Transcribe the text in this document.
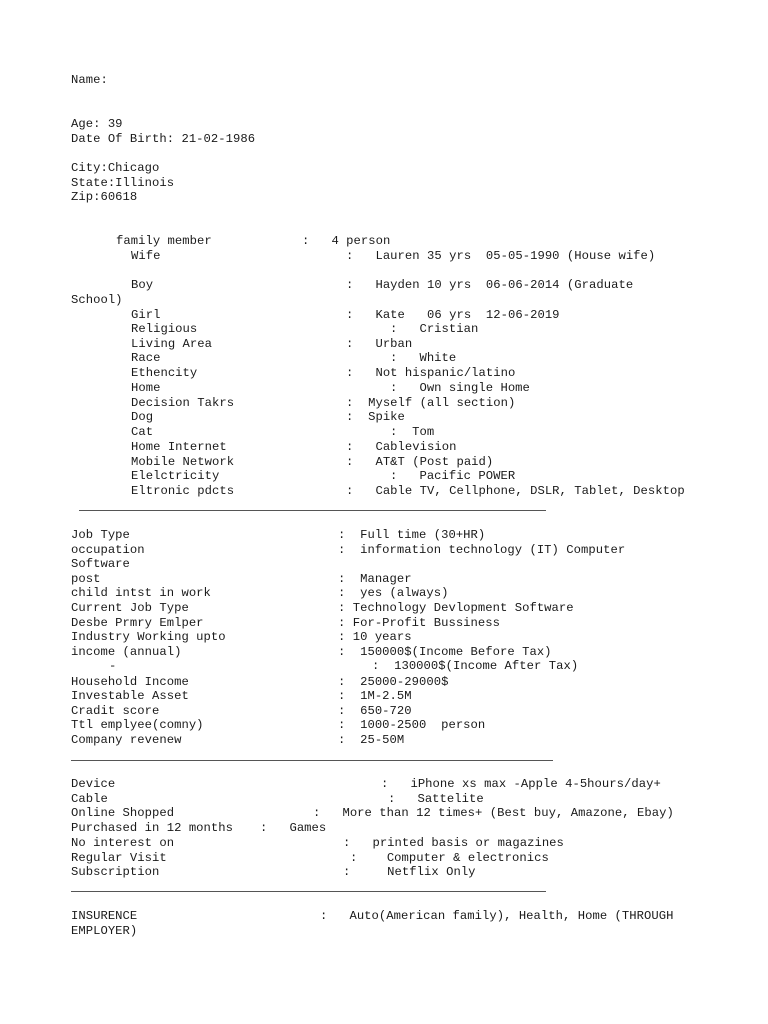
Name:
Age: 39
Date Of Birth: 21-02-1986
City:Chicago
State:Illinois
Zip:60618
family member	:   4 person
Wife	:   Lauren 35 yrs  05-05-1990 (House wife)
Boy	:   Hayden 10 yrs  06-06-2014 (Graduate
School)
Girl	:   Kate   06 yrs  12-06-2019
Religious	:   Cristian
Living Area	:   Urban
Race	:   White
Ethencity	:   Not hispanic/latino
Home	:   Own single Home
Decision Takrs	:  Myself (all section)
Dog	:  Spike
Cat	:  Tom
Home Internet	:   Cablevision
Mobile Network	:   AT&T (Post paid)
Elelctricity	:   Pacific POWER
Eltronic pdcts	:   Cable TV, Cellphone, DSLR, Tablet, Desktop
Job Type	:  Full time (30+HR)
occupation	:  information technology (IT) Computer
Software
post	:  Manager
child intst in work	:  yes (always)
Current Job Type	: Technology Devlopment Software
Desbe Prmry Emlper	: For-Profit Bussiness
Industry Working upto	: 10 years
income (annual)	:  150000$(Income Before Tax)
-	:  130000$(Income After Tax)
Household Income	:  25000-29000$
Investable Asset	:  1M-2.5M
Cradit score	:  650-720
Ttl emplyee(comny)	:  1000-2500  person
Company revenew	:  25-50M
Device	:   iPhone xs max -Apple 4-5hours/day+
Cable	:   Sattelite
Online Shopped	:   More than 12 times+ (Best buy, Amazone, Ebay)
Purchased in 12 months :   Games
No interest on	:   printed basis or magazines
Regular Visit	:    Computer & electronics
Subscription	:     Netflix Only
INSURENCE	:   Auto(American family), Health, Home (THROUGH
EMPLOYER)
